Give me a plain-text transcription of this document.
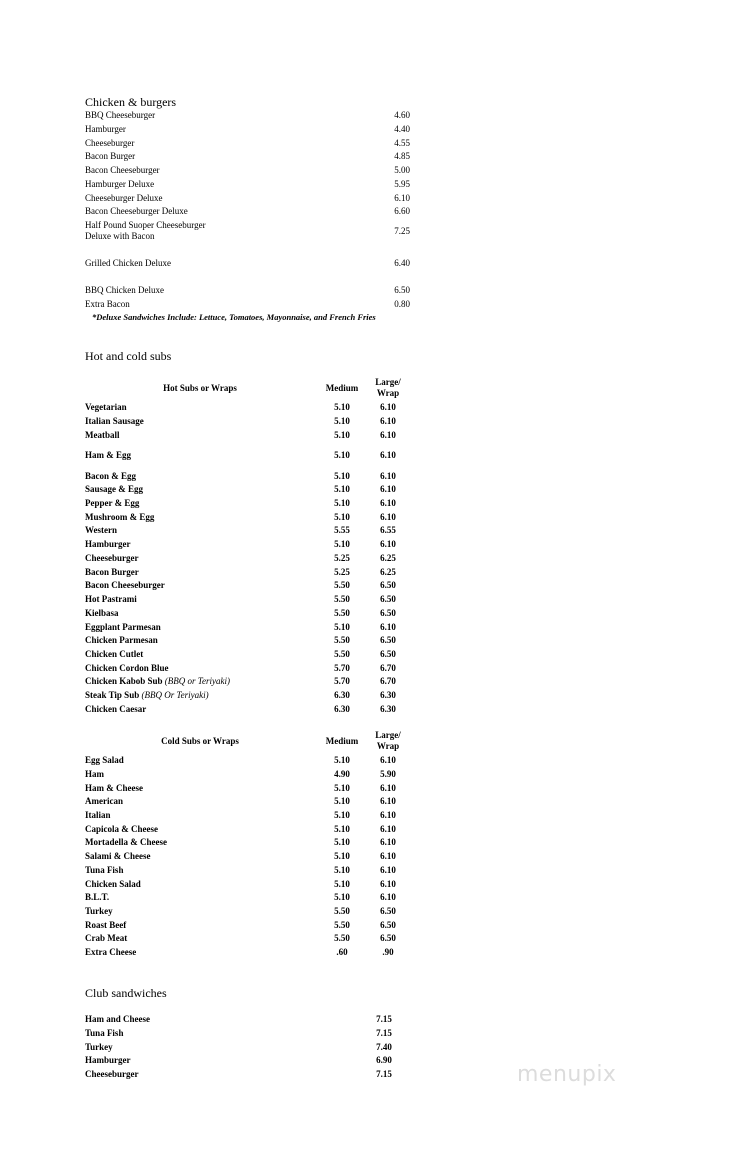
Chicken & burgers
BBQ Cheeseburger	4.60
Hamburger	4.40
Cheeseburger	4.55
Bacon Burger	4.85
Bacon Cheeseburger	5.00
Hamburger Deluxe	5.95
Cheeseburger Deluxe	6.10
Bacon Cheeseburger Deluxe	6.60
Half Pound Suoper Cheeseburger
Deluxe with Bacon	7.25
Grilled Chicken Deluxe	6.40
BBQ Chicken Deluxe	6.50
Extra Bacon	0.80
*Deluxe Sandwiches Include: Lettuce, Tomatoes, Mayonnaise, and French Fries
Hot and cold subs
Hot Subs or Wraps	Medium
Large/
Wrap
Vegetarian	5.10	6.10
Italian Sausage	5.10	6.10
Meatball	5.10	6.10
Ham & Egg	5.10	6.10
Bacon & Egg	5.10	6.10
Sausage & Egg	5.10	6.10
Pepper & Egg	5.10	6.10
Mushroom & Egg	5.10	6.10
Western	5.55	6.55
Hamburger	5.10	6.10
Cheeseburger	5.25	6.25
Bacon Burger	5.25	6.25
Bacon Cheeseburger	5.50	6.50
Hot Pastrami	5.50	6.50
Kielbasa	5.50	6.50
Eggplant Parmesan	5.10	6.10
Chicken Parmesan	5.50	6.50
Chicken Cutlet	5.50	6.50
Chicken Cordon Blue	5.70	6.70
Chicken Kabob Sub (BBQ or Teriyaki)	5.70	6.70
Steak Tip Sub (BBQ Or Teriyaki)	6.30	6.30
Chicken Caesar	6.30	6.30
Cold Subs or Wraps	Medium
Large/
Wrap
Egg Salad	5.10	6.10
Ham	4.90	5.90
Ham & Cheese	5.10	6.10
American	5.10	6.10
Italian	5.10	6.10
Capicola & Cheese	5.10	6.10
Mortadella & Cheese	5.10	6.10
Salami & Cheese	5.10	6.10
Tuna Fish	5.10	6.10
Chicken Salad	5.10	6.10
B.L.T.	5.10	6.10
Turkey	5.50	6.50
Roast Beef	5.50	6.50
Crab Meat	5.50	6.50
Extra Cheese	.60	.90
Club sandwiches
Ham and Cheese	7.15
Tuna Fish	7.15
Turkey	7.40
Hamburger	6.90
Cheeseburger	7.15	menupix
